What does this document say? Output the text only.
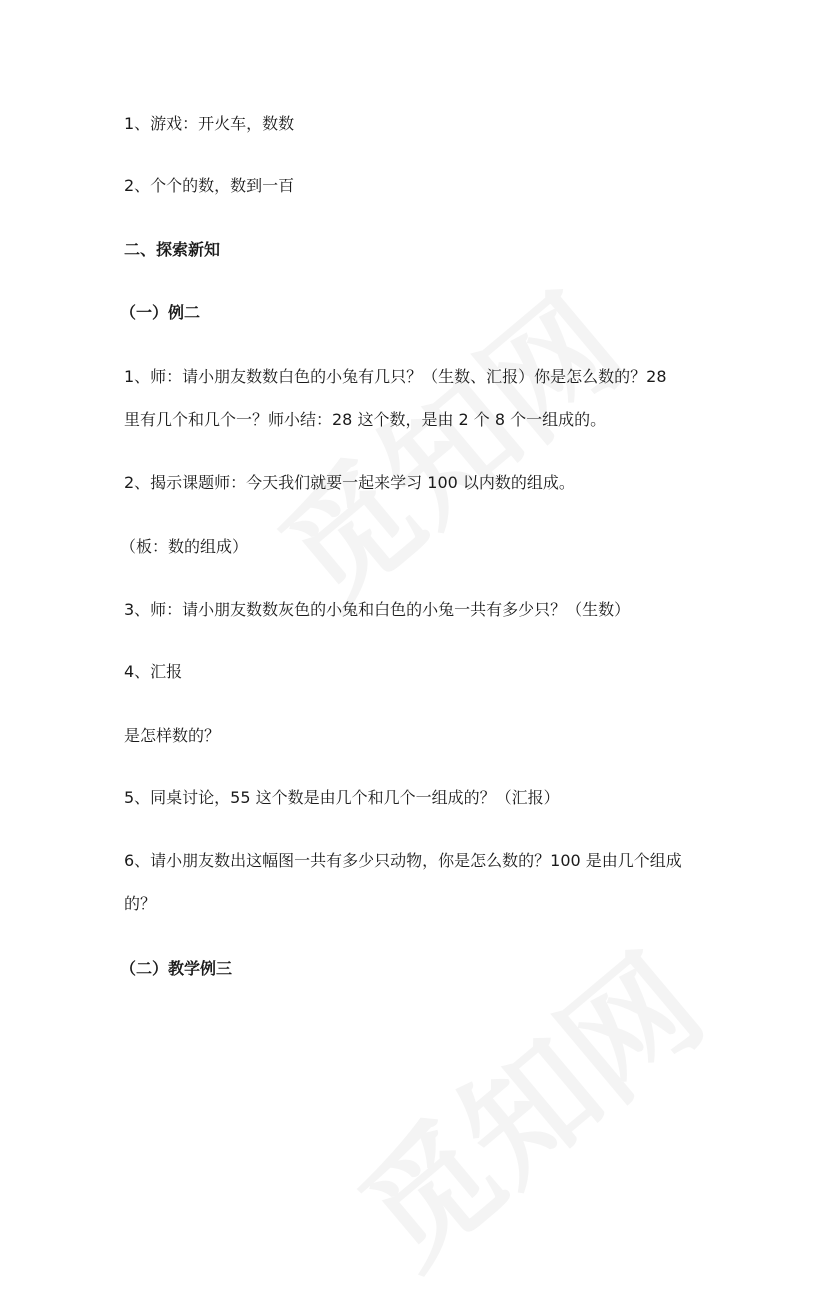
1、游戏：开火车，数数
2、个个的数，数到一百
二、探索新知
（一）例二
1、师：请小朋友数数白色的小兔有几只？（生数、汇报）你是怎么数的？28
里有几个和几个一？师小结：28 这个数，是由 2 个 8 个一组成的。
2、揭示课题师：今天我们就要一起来学习 100 以内数的组成。
（板：数的组成）
3、师：请小朋友数数灰色的小兔和白色的小兔一共有多少只？（生数）
4、汇报
是怎样数的？
5、同桌讨论，55 这个数是由几个和几个一组成的？（汇报）
6、请小朋友数出这幅图一共有多少只动物，你是怎么数的？100 是由几个组成
的？
（二）教学例三
